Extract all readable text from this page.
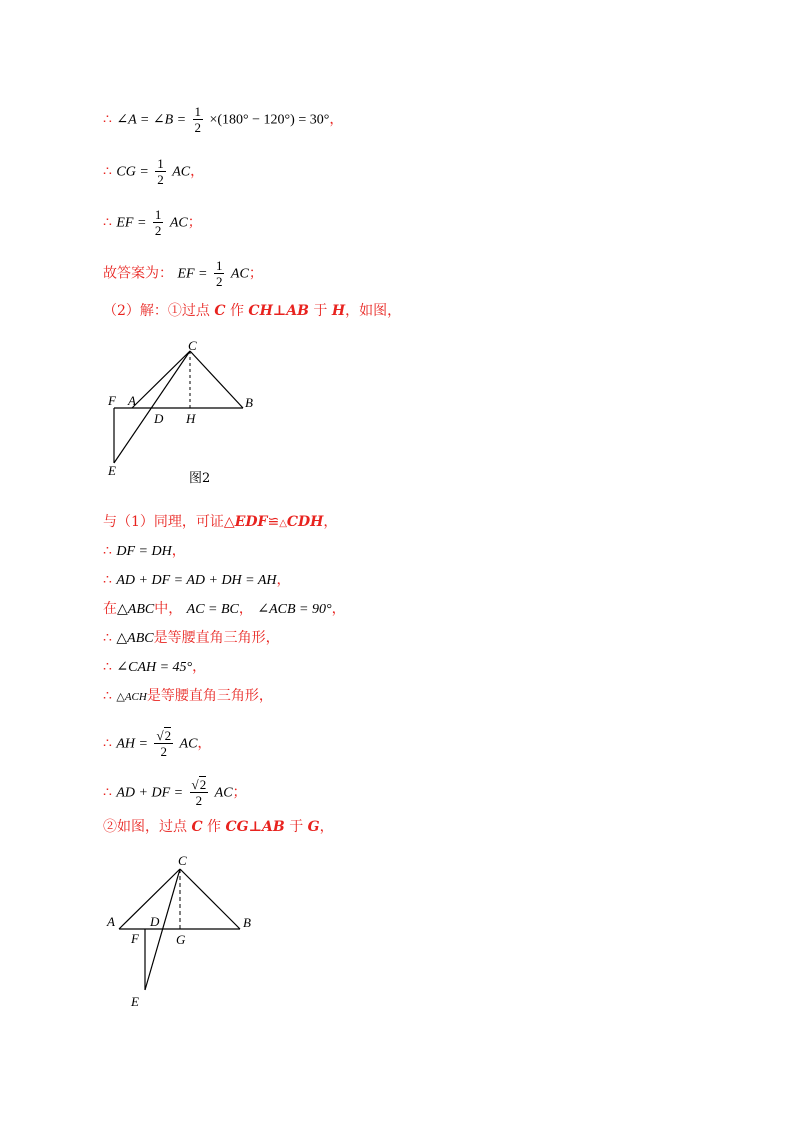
∴ ∠A = ∠B = $\frac{1}{2} \times(180^\circ - 120^\circ) = 30^\circ$，
∴ CG = $\frac{1}{2}$ AC，
∴ EF = $\frac{1}{2}$ AC；
故答案为： EF = $\frac{1}{2}$ AC；
（2）解：①过点 C 作 CH⊥AB 于 H，如图，
C
F A	B
D H
E
图2
与（1）同理，可证△EDF≌△CDH，
∴ DF = DH，
∴ AD + DF = AD + DH = AH，
在△ABC中， AC = BC， ∠ACB = 90°，
∴ △ABC是等腰直角三角形，
∴ ∠CAH = 45°，
∴ △ACH是等腰直角三角形，
∴ AH = $\frac{√2}{2}$ AC，
∴ AD + DF = $\frac{√2}{2}$ AC；
②如图，过点 C 作 CG⊥AB 于 G，
C
A	D	B
F	G
E
